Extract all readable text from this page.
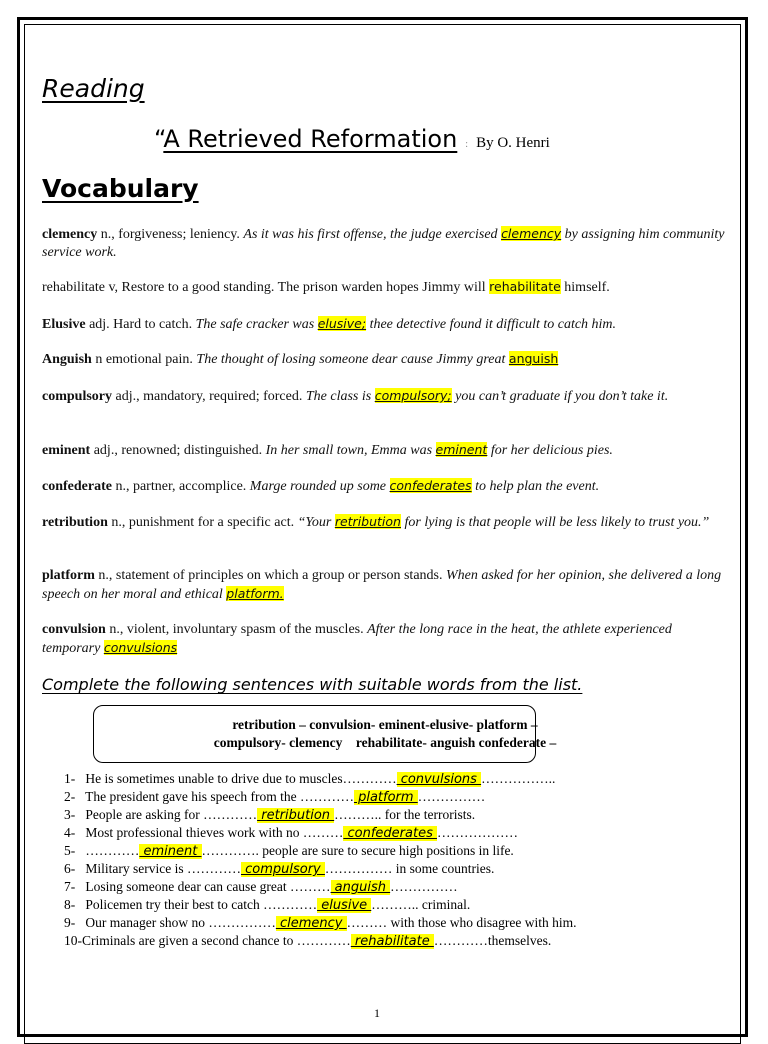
Reading
“A Retrieved Reformation : By O. Henri
Vocabulary
clemency n., forgiveness; leniency. As it was his first offense, the judge exercised clemency by assigning him community service work.
rehabilitate v, Restore to a good standing. The prison warden hopes Jimmy will rehabilitate himself.
Elusive adj. Hard to catch. The safe cracker was elusive; thee detective found it difficult to catch him.
Anguish n emotional pain. The thought of losing someone dear cause Jimmy great anguish
compulsory adj., mandatory, required; forced. The class is compulsory; you can’t graduate if you don’t take it.
eminent adj., renowned; distinguished. In her small town, Emma was eminent for her delicious pies.
confederate n., partner, accomplice. Marge rounded up some confederates to help plan the event.
retribution n., punishment for a specific act. “Your retribution for lying is that people will be less likely to trust you.”
platform n., statement of principles on which a group or person stands. When asked for her opinion, she delivered a long speech on her moral and ethical platform.
convulsion n., violent, involuntary spasm of the muscles. After the long race in the heat, the athlete experienced temporary convulsions
Complete the following sentences with suitable words from the list.
retribution – convulsion- eminent-elusive- platform –
compulsory- clemency    rehabilitate- anguish confederate –
1- He is sometimes unable to drive due to muscles………… convulsions ……………..
2- The president gave his speech from the ………… platform ……………
3- People are asking for ………… retribution ……….. for the terrorists.
4- Most professional thieves work with no ……… confederates ………………
5- ………… eminent …………. people are sure to secure high positions in life.
6- Military service is ………… compulsory …………… in some countries.
7- Losing someone dear can cause great ……… anguish ……………
8- Policemen try their best to catch ………… elusive ……….. criminal.
9- Our manager show no …………… clemency ……… with those who disagree with him.
10-Criminals are given a second chance to ………… rehabilitate …………themselves.
1
